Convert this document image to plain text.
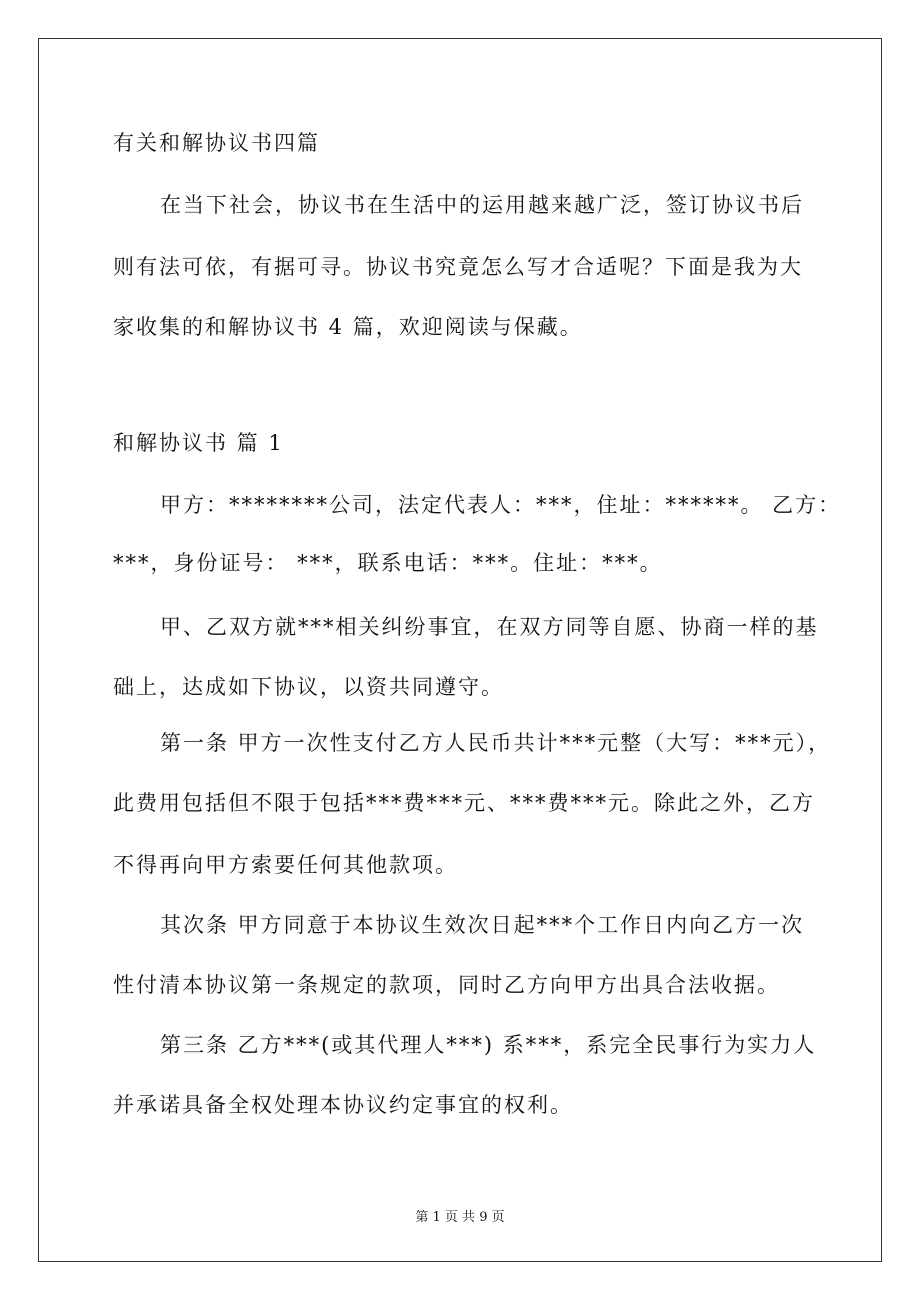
有关和解协议书四篇
在当下社会，协议书在生活中的运用越来越广泛，签订协议书后
则有法可依，有据可寻。协议书究竟怎么写才合适呢？下面是我为大
家收集的和解协议书 4 篇，欢迎阅读与保藏。
和解协议书 篇 1
甲方：********公司，法定代表人：***，住址：******。 乙方：
***，身份证号： ***，联系电话：***。住址：***。
甲、乙双方就***相关纠纷事宜，在双方同等自愿、协商一样的基
础上，达成如下协议，以资共同遵守。
第一条 甲方一次性支付乙方人民币共计***元整（大写：***元），
此费用包括但不限于包括***费***元、***费***元。除此之外，乙方
不得再向甲方索要任何其他款项。
其次条 甲方同意于本协议生效次日起***个工作日内向乙方一次
性付清本协议第一条规定的款项，同时乙方向甲方出具合法收据。
第三条 乙方***(或其代理人***) 系***，系完全民事行为实力人
并承诺具备全权处理本协议约定事宜的权利。
第 1 页 共 9 页
